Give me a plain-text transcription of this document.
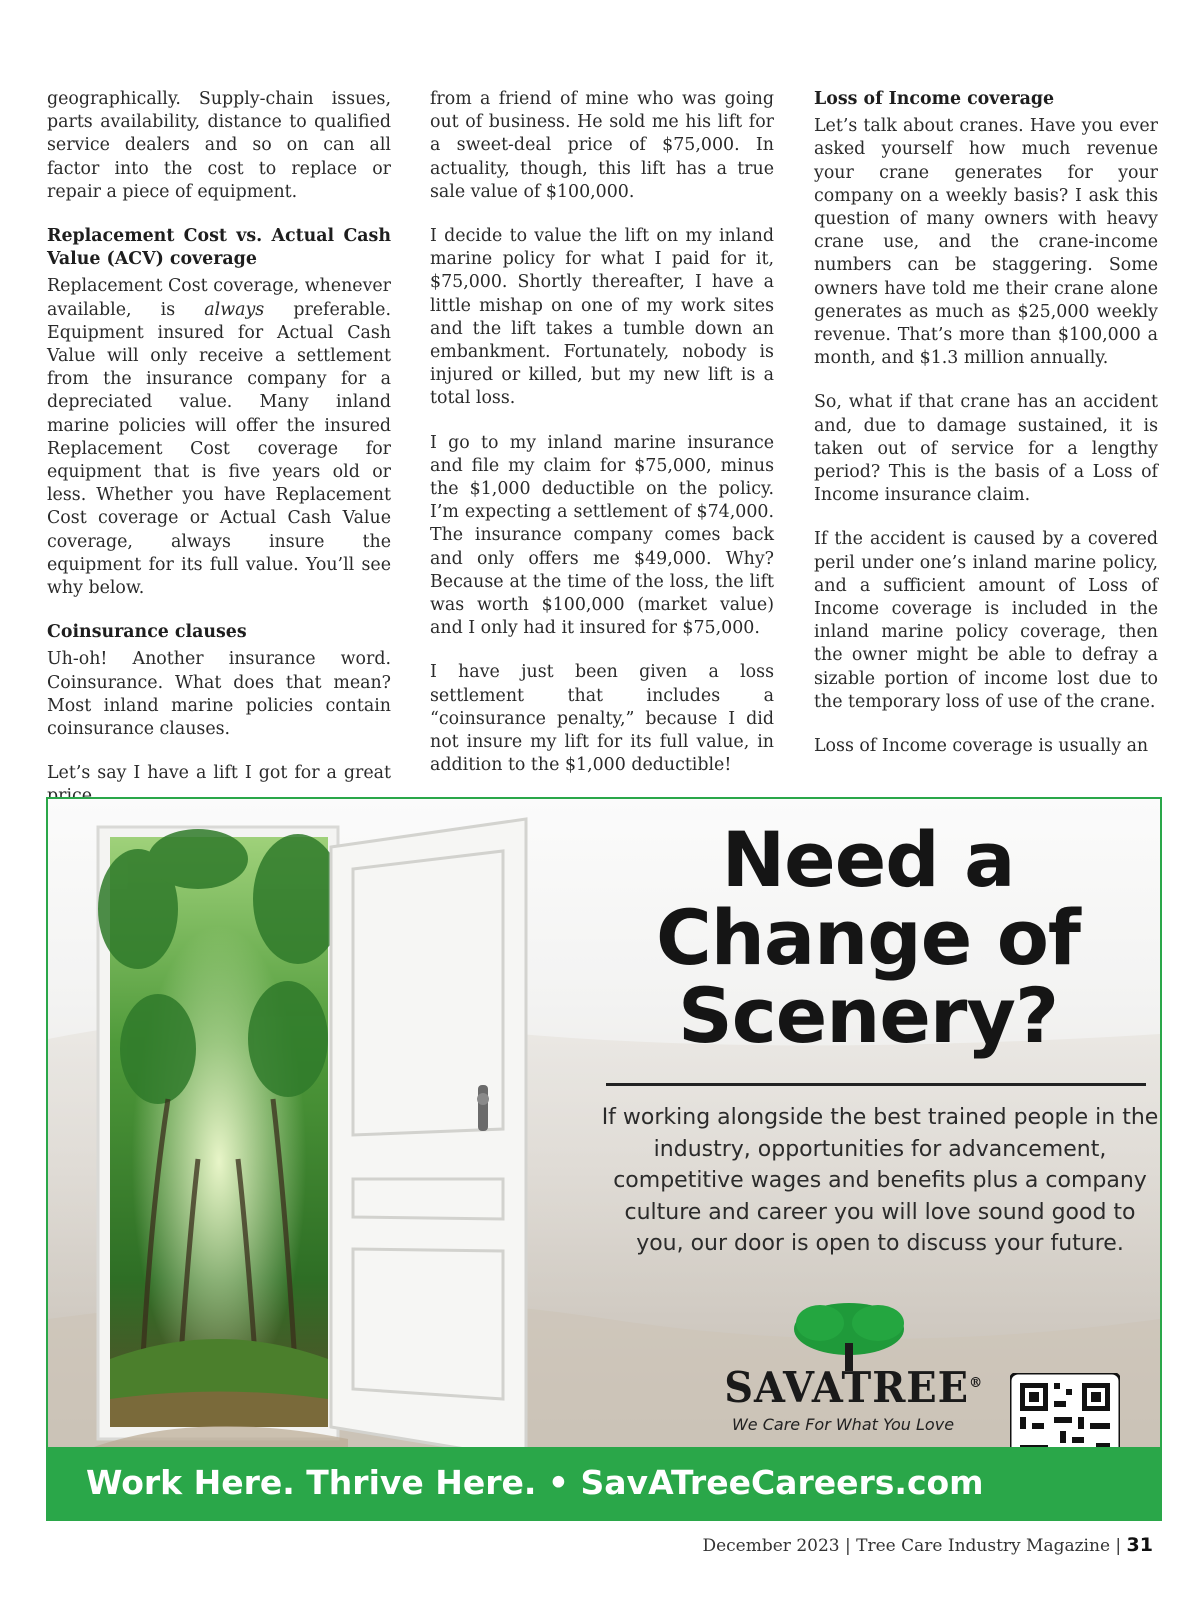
geographically. Supply-chain issues, parts availability, distance to qualified service dealers and so on can all factor into the cost to replace or repair a piece of equipment.

Replacement Cost vs. Actual Cash Value (ACV) coverage

Replacement Cost coverage, whenever available, is always preferable. Equipment insured for Actual Cash Value will only receive a settlement from the insurance company for a depreciated value. Many inland marine policies will offer the insured Replacement Cost coverage for equipment that is five years old or less. Whether you have Replacement Cost coverage or Actual Cash Value coverage, always insure the equipment for its full value. You’ll see why below.

Coinsurance clauses

Uh-oh! Another insurance word. Coinsurance. What does that mean? Most inland marine policies contain coinsurance clauses.

Let’s say I have a lift I got for a great

from a friend of mine who was going out of business. He sold me his lift for a sweet-deal price of $75,000. In actuality, though, this lift has a true sale value of $100,000.

I decide to value the lift on my inland marine policy for what I paid for it, $75,000. Shortly thereafter, I have a little mishap on one of my work sites and the lift takes a tumble down an embankment. Fortunately, nobody is injured or killed, but my new lift is a total loss.

I go to my inland marine insurance and file my claim for $75,000, minus the $1,000 deductible on the policy. I’m expecting a settlement of $74,000. The insurance company comes back and only offers me $49,000. Why? Because at the time of the loss, the lift was worth $100,000 (market value) and I only had it insured for $75,000.

I have just been given a loss settlement that includes a “coinsurance penalty,” because I did not insure my lift for its full value, in addition to the $1,000 deductible!

Loss of Income coverage

Let’s talk about cranes. Have you ever asked yourself how much revenue your crane generates for your company on a weekly basis? I ask this question of many owners with heavy crane use, and the crane-income numbers can be staggering. Some owners have told me their crane alone generates as much as $25,000 weekly revenue. That’s more than $100,000 a month, and $1.3 million annually.

So, what if that crane has an accident and, due to damage sustained, it is taken out of service for a lengthy period? This is the basis of a Loss of Income insurance claim.

If the accident is caused by a covered peril under one’s inland marine policy, and a sufficient amount of Loss of Income coverage is included in the inland marine policy coverage, then the owner might be able to defray a sizable portion of income lost due to the temporary loss of use of the crane.

Loss of Income coverage is usually an

Need a
Change of
Scenery?
If working alongside the best trained people in the industry, opportunities for advancement, competitive wages and benefits plus a company culture and career you will love sound good to you, our door is open to discuss your future.
SAVATREE®
We Care For What You Love
Work Here. Thrive Here. • SavATreeCareers.com
December 2023 | Tree Care Industry Magazine | 31
